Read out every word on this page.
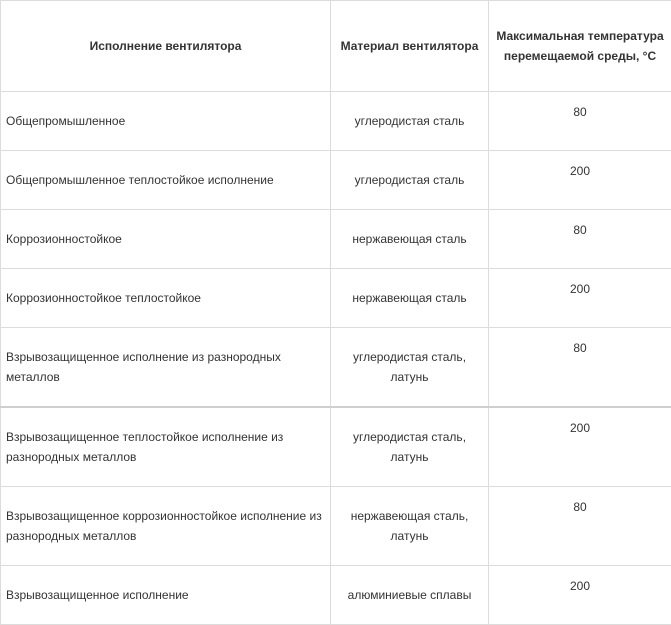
Исполнение вентилятора	Материал вентилятора	Максимальная температура перемещаемой среды, °С
Общепромышленное	углеродистая сталь	80
Общепромышленное теплостойкое исполнение	углеродистая сталь	200
Коррозионностойкое	нержавеющая сталь	80
Коррозионностойкое теплостойкое	нержавеющая сталь	200
Взрывозащищенное исполнение из разнородных металлов	углеродистая сталь, латунь	80
Взрывозащищенное теплостойкое исполнение из разнородных металлов	углеродистая сталь, латунь	200
Взрывозащищенное коррозионностойкое исполнение из разнородных металлов	нержавеющая сталь, латунь	80
Взрывозащищенное исполнение	алюминиевые сплавы	200
